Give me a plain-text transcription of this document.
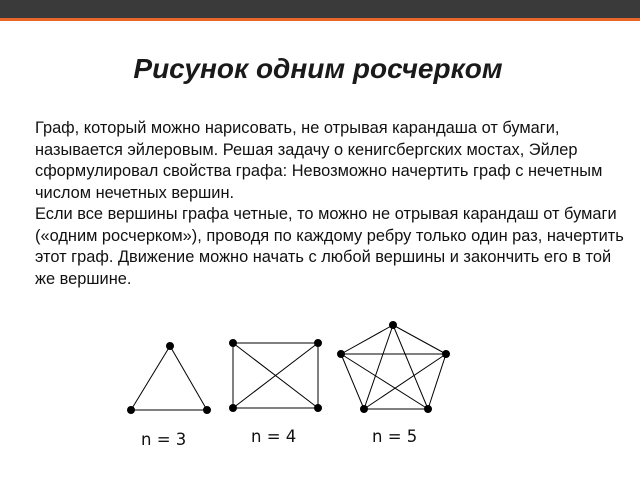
Рисунок одним росчерком

Граф, который можно нарисовать, не отрывая карандаша от бумаги, называется эйлеровым. Решая задачу о кенигсбергских мостах, Эйлер сформулировал свойства графа: Невозможно начертить граф с нечетным числом нечетных вершин.

Если все вершины графа четные, то можно не отрывая карандаш от бумаги («одним росчерком»), проводя по каждому ребру только один раз, начертить этот граф. Движение можно начать с любой вершины и закончить его в той же вершине.

n = 3	n = 4	n = 5
